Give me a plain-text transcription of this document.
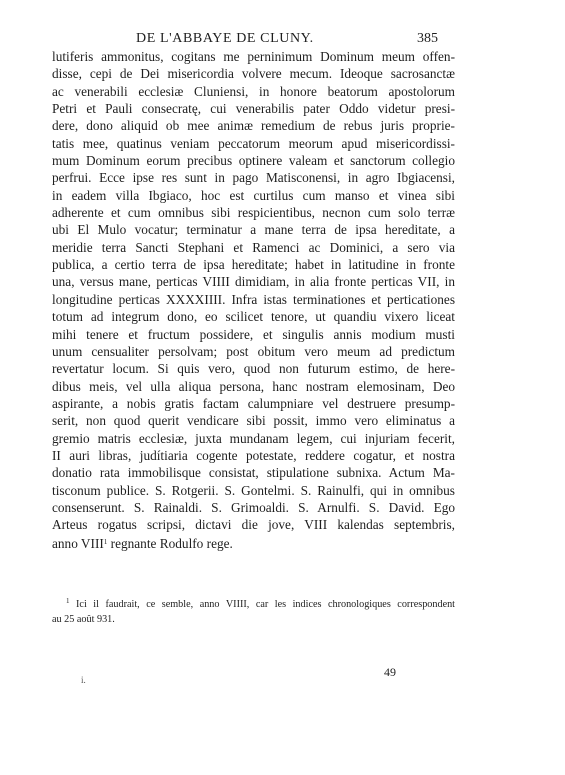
DE L'ABBAYE DE CLUNY.	385
lutiferis ammonitus, cogitans me perninimum Dominum meum offen-
disse, cepi de Dei misericordia volvere mecum. Ideoque sacrosanctæ
ac venerabili ecclesiæ Cluniensi, in honore beatorum apostolorum
Petri et Pauli consecratę, cui venerabilis pater Oddo videtur presi-
dere, dono aliquid ob mee animæ remedium de rebus juris proprie-
tatis mee, quatinus veniam peccatorum meorum apud misericordissi-
mum Dominum eorum precibus optinere valeam et sanctorum collegio
perfrui. Ecce ipse res sunt in pago Matisconensi, in agro Ibgiacensi,
in eadem villa Ibgiaco, hoc est curtilus cum manso et vinea sibi
adherente et cum omnibus sibi respicientibus, necnon cum solo terræ
ubi El Mulo vocatur; terminatur a mane terra de ipsa hereditate, a
meridie terra Sancti Stephani et Ramenci ac Dominici, a sero via
publica, a certio terra de ipsa hereditate; habet in latitudine in fronte
una, versus mane, perticas VIIII dimidiam, in alia fronte perticas VII, in
longitudine perticas XXXXIIII. Infra istas terminationes et perticationes
totum ad integrum dono, eo scilicet tenore, ut quandiu vixero liceat
mihi tenere et fructum possidere, et singulis annis modium musti
unum censualiter persolvam; post obitum vero meum ad predictum
revertatur locum. Si quis vero, quod non futurum estimo, de here-
dibus meis, vel ulla aliqua persona, hanc nostram elemosinam, Deo
aspirante, a nobis gratis factam calumpniare vel destruere presump-
serit, non quod querit vendicare sibi possit, immo vero eliminatus a
gremio matris ecclesiæ, juxta mundanam legem, cui injuriam fecerit,
II auri libras, judítiaria cogente potestate, reddere cogatur, et nostra
donatio rata immobilisque consistat, stipulatione subnixa. Actum Ma-
tisconum publice. S. Rotgerii. S. Gontelmi. S. Rainulfi, qui in omnibus
consenserunt. S. Rainaldi. S. Grimoaldi. S. Arnulfi. S. David. Ego
Arteus rogatus scripsi, dictavi die jove, VIII kalendas septembris,
anno VIII$^1$ regnante Rodulfo rege.
$^1$ Ici il faudrait, ce semble, anno VIIII, car les indices chronologiques correspondent
au 25 août 931.
i.
49
